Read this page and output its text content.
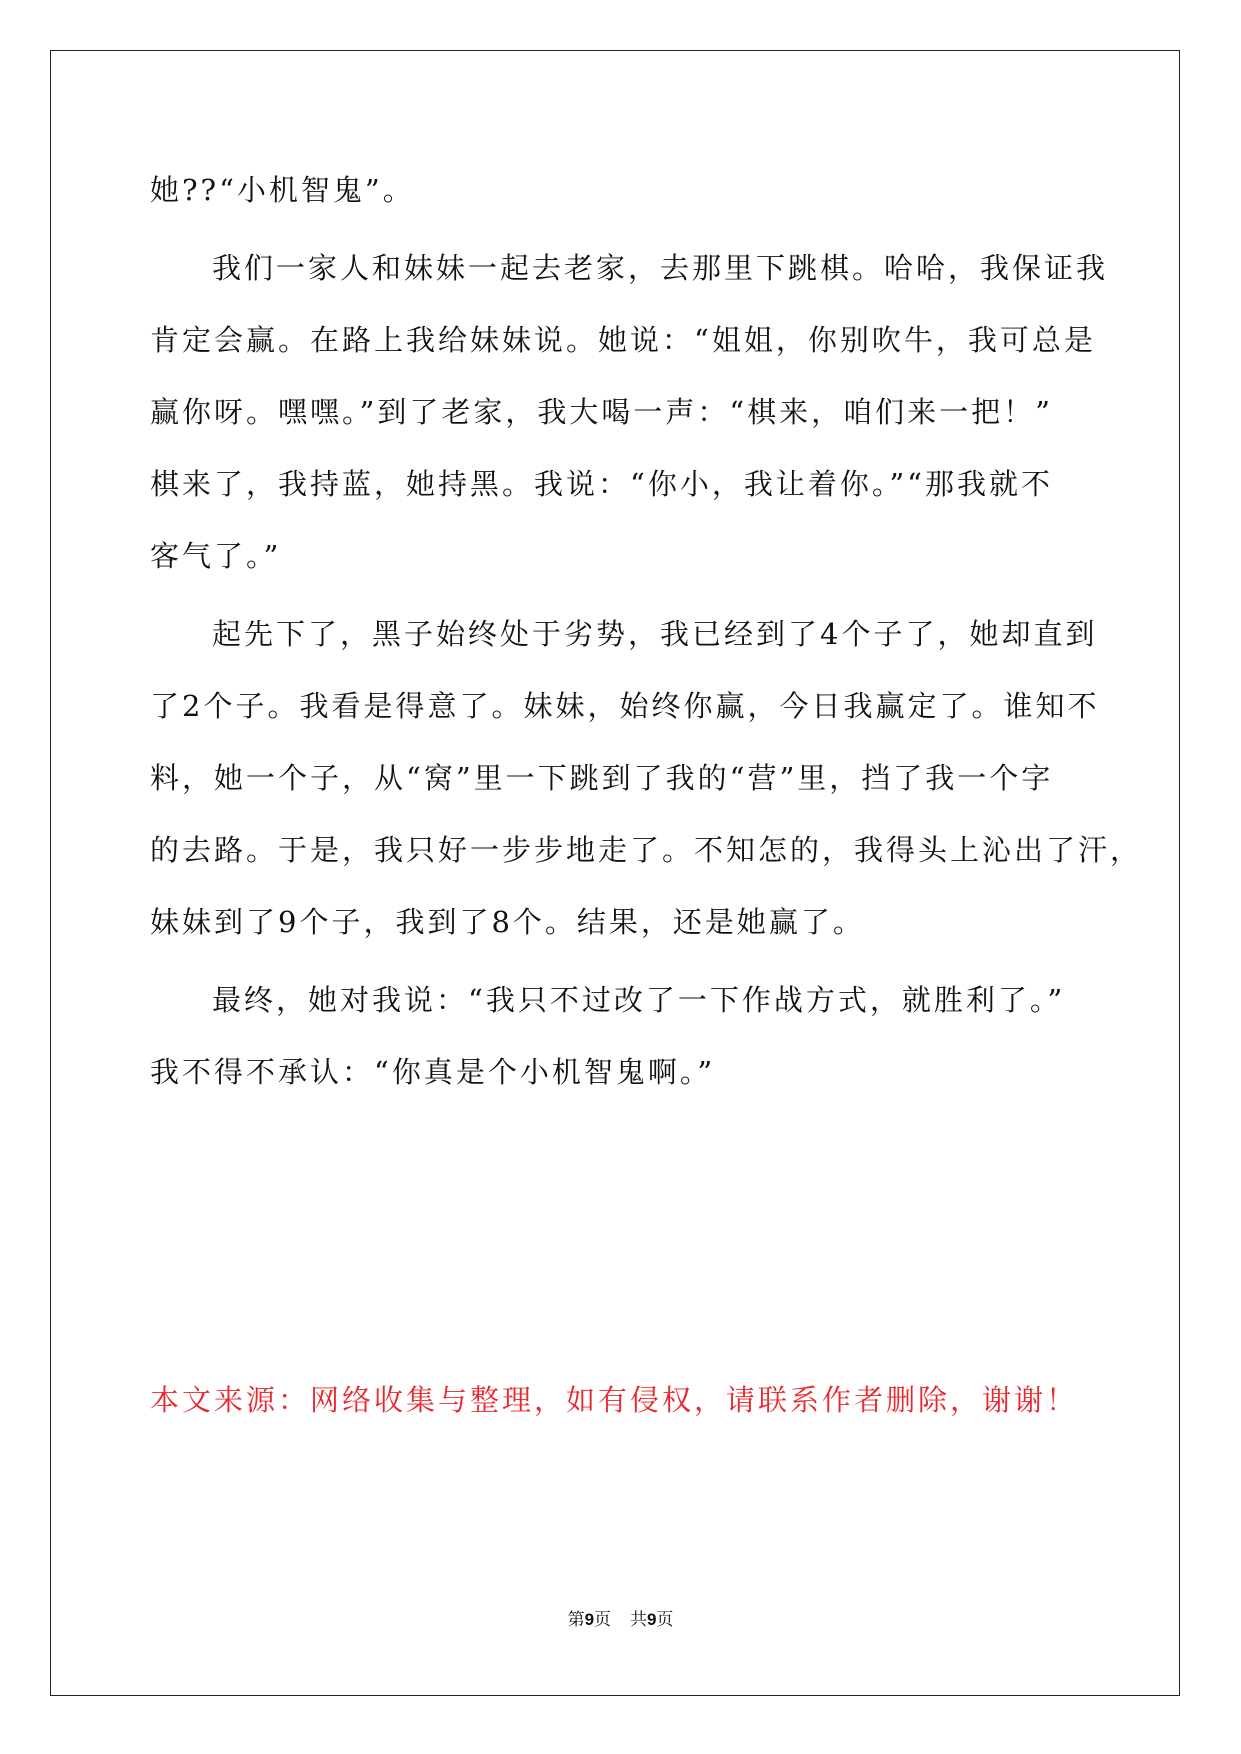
她??“小机智鬼”。
我们一家人和妹妹一起去老家，去那里下跳棋。哈哈，我保证我
肯定会赢。在路上我给妹妹说。她说：“姐姐，你别吹牛，我可总是
赢你呀。嘿嘿。”到了老家，我大喝一声：“棋来，咱们来一把！”
棋来了，我持蓝，她持黑。我说：“你小，我让着你。”“那我就不
客气了。”
起先下了，黑子始终处于劣势，我已经到了4个子了，她却直到
了2个子。我看是得意了。妹妹，始终你赢，今日我赢定了。谁知不
料，她一个子，从“窝”里一下跳到了我的“营”里，挡了我一个字
的去路。于是，我只好一步步地走了。不知怎的，我得头上沁出了汗，
妹妹到了9个子，我到了8个。结果，还是她赢了。
最终，她对我说：“我只不过改了一下作战方式，就胜利了。”
我不得不承认：“你真是个小机智鬼啊。”
本文来源：网络收集与整理，如有侵权，请联系作者删除，谢谢！
第9页 共9页
